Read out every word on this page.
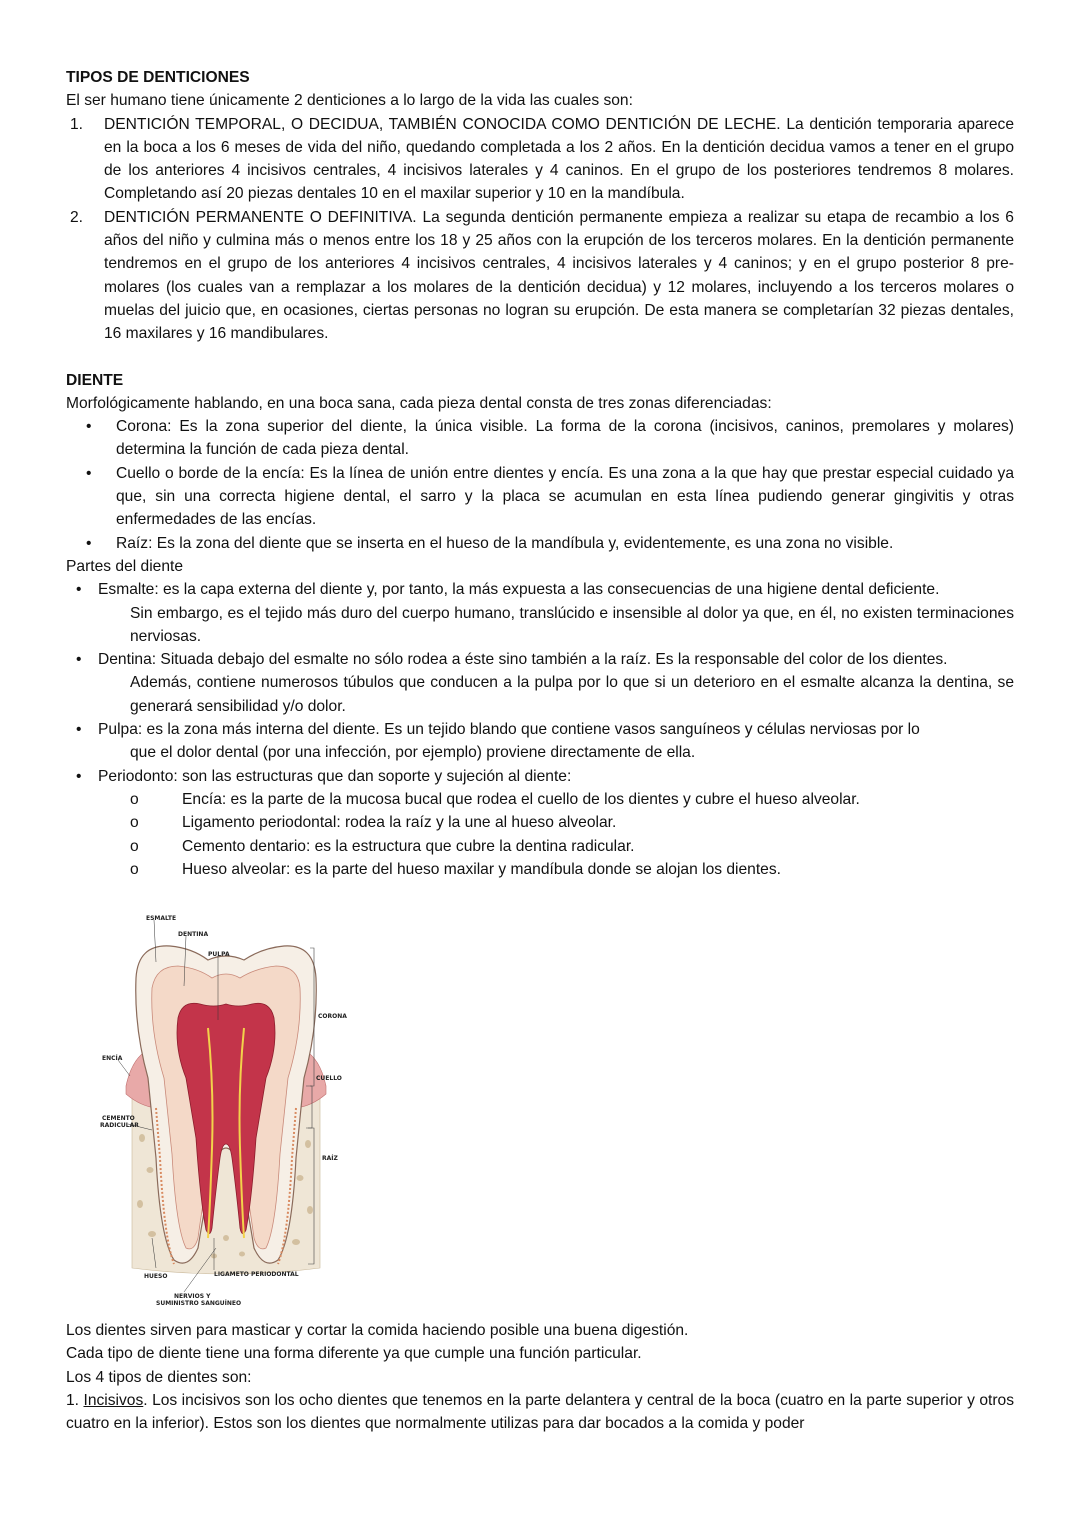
TIPOS DE DENTICIONES
El ser humano tiene únicamente 2 denticiones a lo largo de la vida las cuales son:
1. DENTICIÓN TEMPORAL, O DECIDUA, TAMBIÉN CONOCIDA COMO DENTICIÓN DE LECHE. La dentición temporaria aparece en la boca a los 6 meses de vida del niño, quedando completada a los 2 años. En la dentición decidua vamos a tener en el grupo de los anteriores 4 incisivos centrales, 4 incisivos laterales y 4 caninos. En el grupo de los posteriores tendremos 8 molares. Completando así 20 piezas dentales 10 en el maxilar superior y 10 en la mandíbula.
2. DENTICIÓN PERMANENTE O DEFINITIVA. La segunda dentición permanente empieza a realizar su etapa de recambio a los 6 años del niño y culmina más o menos entre los 18 y 25 años con la erupción de los terceros molares. En la dentición permanente tendremos en el grupo de los anteriores 4 incisivos centrales, 4 incisivos laterales y 4 caninos; y en el grupo posterior 8 pre-molares (los cuales van a remplazar a los molares de la dentición decidua) y 12 molares, incluyendo a los terceros molares o muelas del juicio que, en ocasiones, ciertas personas no logran su erupción. De esta manera se completarían 32 piezas dentales, 16 maxilares y 16 mandibulares.
DIENTE
Morfológicamente hablando, en una boca sana, cada pieza dental consta de tres zonas diferenciadas:
• Corona: Es la zona superior del diente, la única visible. La forma de la corona (incisivos, caninos, premolares y molares) determina la función de cada pieza dental.
• Cuello o borde de la encía: Es la línea de unión entre dientes y encía. Es una zona a la que hay que prestar especial cuidado ya que, sin una correcta higiene dental, el sarro y la placa se acumulan en esta línea pudiendo generar gingivitis y otras enfermedades de las encías.
• Raíz: Es la zona del diente que se inserta en el hueso de la mandíbula y, evidentemente, es una zona no visible.
Partes del diente
• Esmalte: es la capa externa del diente y, por tanto, la más expuesta a las consecuencias de una higiene dental deficiente.
Sin embargo, es el tejido más duro del cuerpo humano, translúcido e insensible al dolor ya que, en él, no existen terminaciones nerviosas.
• Dentina: Situada debajo del esmalte no sólo rodea a éste sino también a la raíz. Es la responsable del color de los dientes.
Además, contiene numerosos túbulos que conducen a la pulpa por lo que si un deterioro en el esmalte alcanza la dentina, se generará sensibilidad y/o dolor.
• Pulpa: es la zona más interna del diente. Es un tejido blando que contiene vasos sanguíneos y células nerviosas por lo
que el dolor dental (por una infección, por ejemplo) proviene directamente de ella.
• Periodonto: son las estructuras que dan soporte y sujeción al diente:
o	Encía: es la parte de la mucosa bucal que rodea el cuello de los dientes y cubre el hueso alveolar.
o	Ligamento periodontal: rodea la raíz y la une al hueso alveolar.
o	Cemento dentario: es la estructura que cubre la dentina radicular.
o	Hueso alveolar: es la parte del hueso maxilar y mandíbula donde se alojan los dientes.
ESMALTE
DENTINA
PULPA
CORONA
ENCÍA
CUELLO
CEMENTO
RADICULAR
RAÍZ
HUESO	LIGAMETO PERIODONTAL
NERVIOS Y
SUMINISTRO SANGUÍNEO
Los dientes sirven para masticar y cortar la comida haciendo posible una buena digestión.
Cada tipo de diente tiene una forma diferente ya que cumple una función particular.
Los 4 tipos de dientes son:
1. Incisivos. Los incisivos son los ocho dientes que tenemos en la parte delantera y central de la boca (cuatro en la parte superior y otros cuatro en la inferior). Estos son los dientes que normalmente utilizas para dar bocados a la comida y poder
